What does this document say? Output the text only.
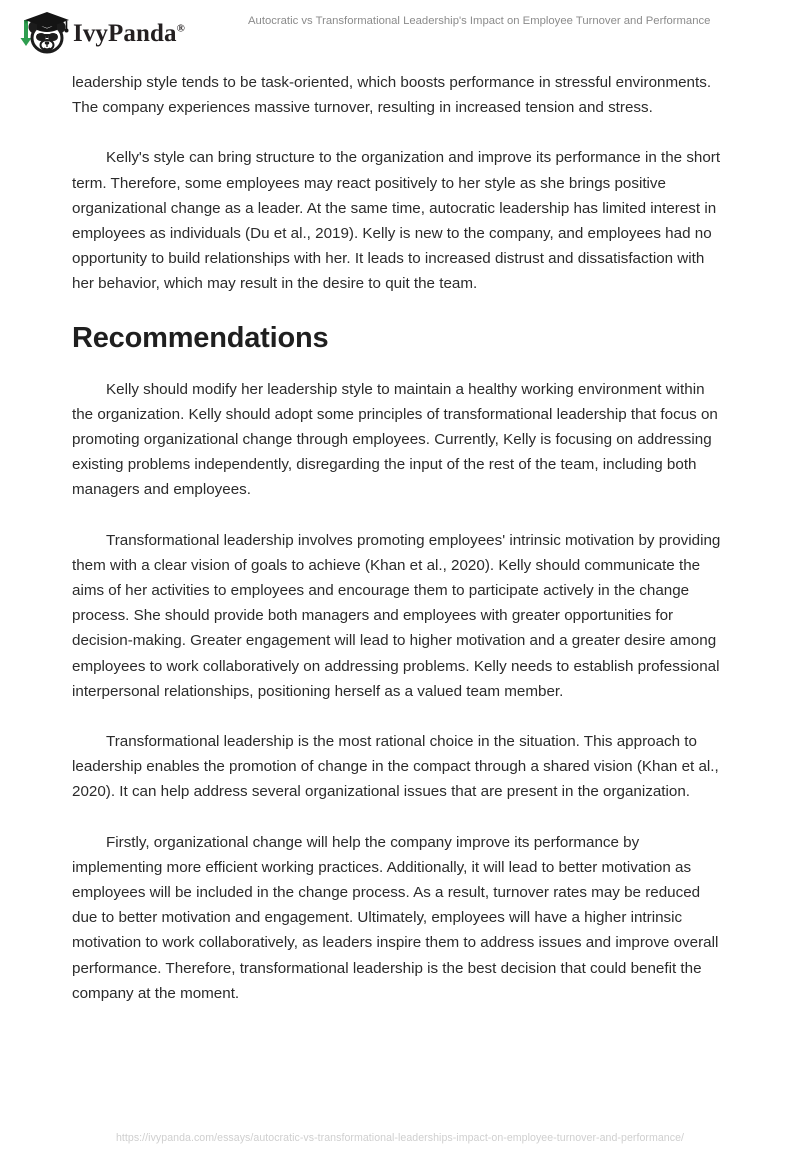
IvyPanda®
Autocratic vs Transformational Leadership's Impact on Employee Turnover and Performance

leadership style tends to be task-oriented, which boosts performance in stressful environments. The company experiences massive turnover, resulting in increased tension and stress.

Kelly's style can bring structure to the organization and improve its performance in the short term. Therefore, some employees may react positively to her style as she brings positive organizational change as a leader. At the same time, autocratic leadership has limited interest in employees as individuals (Du et al., 2019). Kelly is new to the company, and employees had no opportunity to build relationships with her. It leads to increased distrust and dissatisfaction with her behavior, which may result in the desire to quit the team.

Recommendations

Kelly should modify her leadership style to maintain a healthy working environment within the organization. Kelly should adopt some principles of transformational leadership that focus on promoting organizational change through employees. Currently, Kelly is focusing on addressing existing problems independently, disregarding the input of the rest of the team, including both managers and employees.

Transformational leadership involves promoting employees' intrinsic motivation by providing them with a clear vision of goals to achieve (Khan et al., 2020). Kelly should communicate the aims of her activities to employees and encourage them to participate actively in the change process. She should provide both managers and employees with greater opportunities for decision-making. Greater engagement will lead to higher motivation and a greater desire among employees to work collaboratively on addressing problems. Kelly needs to establish professional interpersonal relationships, positioning herself as a valued team member.

Transformational leadership is the most rational choice in the situation. This approach to leadership enables the promotion of change in the compact through a shared vision (Khan et al., 2020). It can help address several organizational issues that are present in the organization.

Firstly, organizational change will help the company improve its performance by implementing more efficient working practices. Additionally, it will lead to better motivation as employees will be included in the change process. As a result, turnover rates may be reduced due to better motivation and engagement. Ultimately, employees will have a higher intrinsic motivation to work collaboratively, as leaders inspire them to address issues and improve overall performance. Therefore, transformational leadership is the best decision that could benefit the company at the moment.

https://ivypanda.com/essays/autocratic-vs-transformational-leaderships-impact-on-employee-turnover-and-performance/
